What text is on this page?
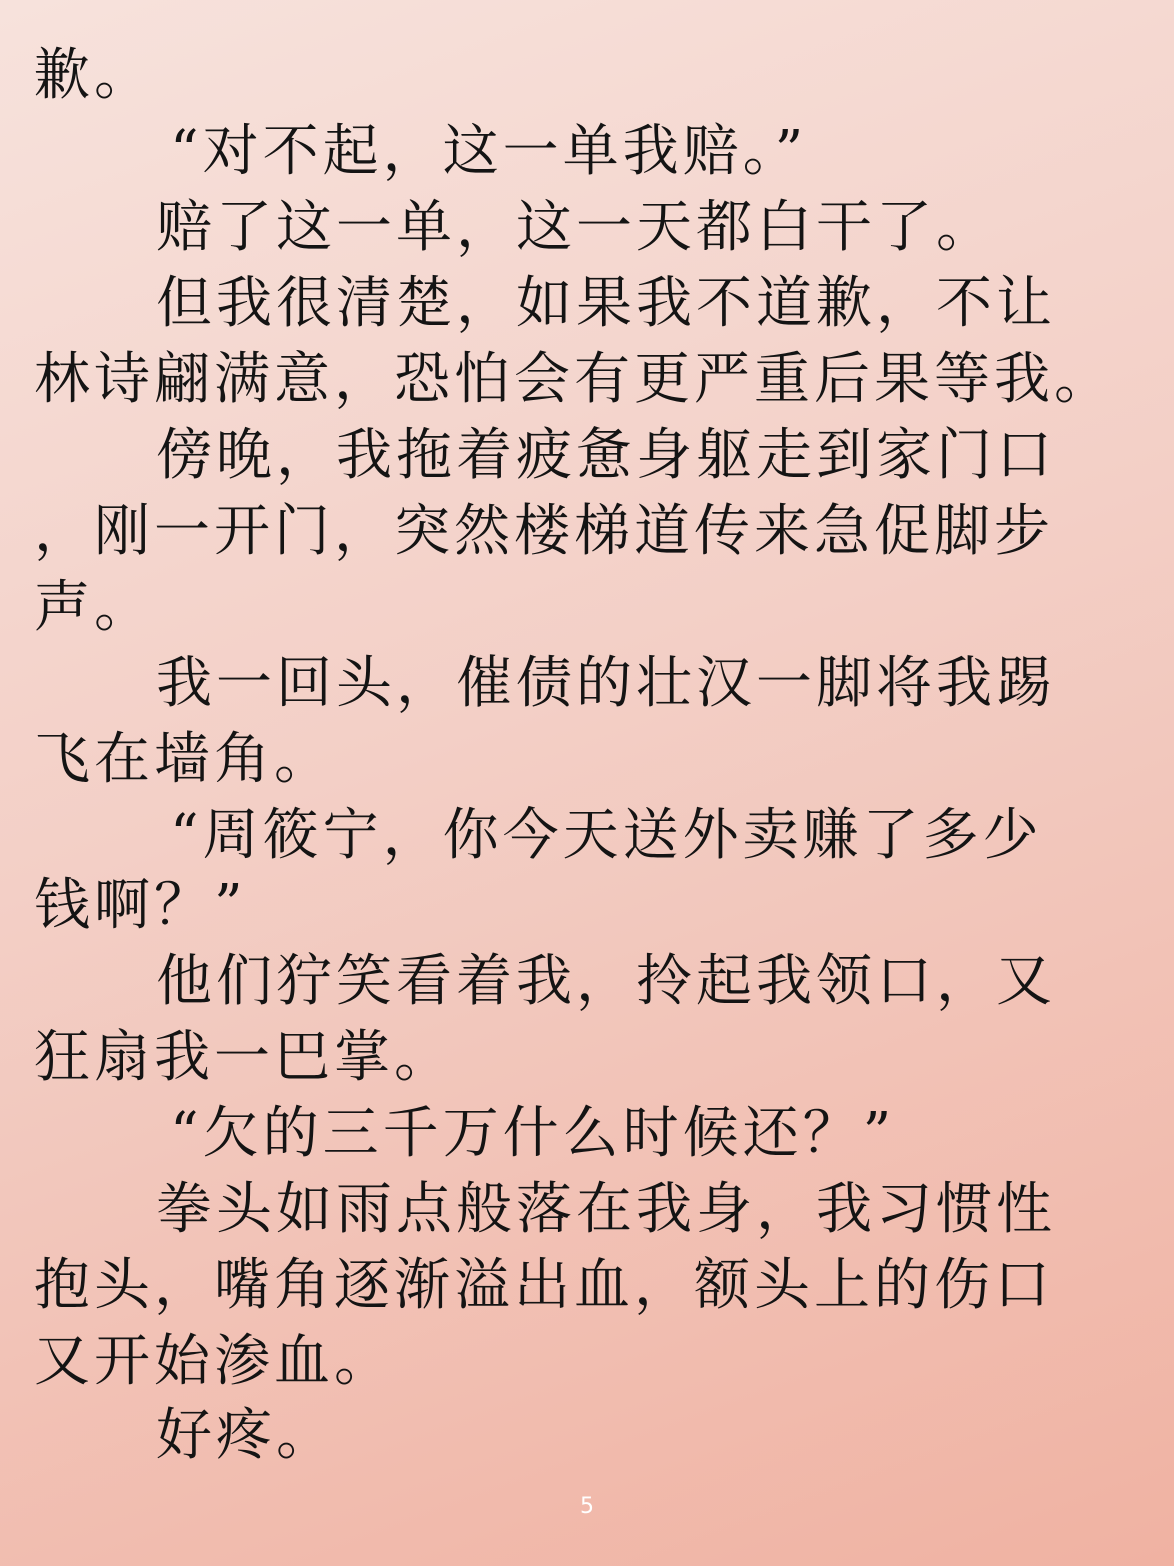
歉。
“对不起，这一单我赔。”
赔了这一单，这一天都白干了。
但我很清楚，如果我不道歉，不让
林诗翩满意，恐怕会有更严重后果等我。
傍晚，我拖着疲惫身躯走到家门口
，刚一开门，突然楼梯道传来急促脚步
声。
我一回头，催债的壮汉一脚将我踢
飞在墙角。
“周筱宁，你今天送外卖赚了多少
钱啊？”
他们狞笑看着我，拎起我领口，又
狂扇我一巴掌。
“欠的三千万什么时候还？”
拳头如雨点般落在我身，我习惯性
抱头，嘴角逐渐溢出血，额头上的伤口
又开始渗血。
好疼。
5
